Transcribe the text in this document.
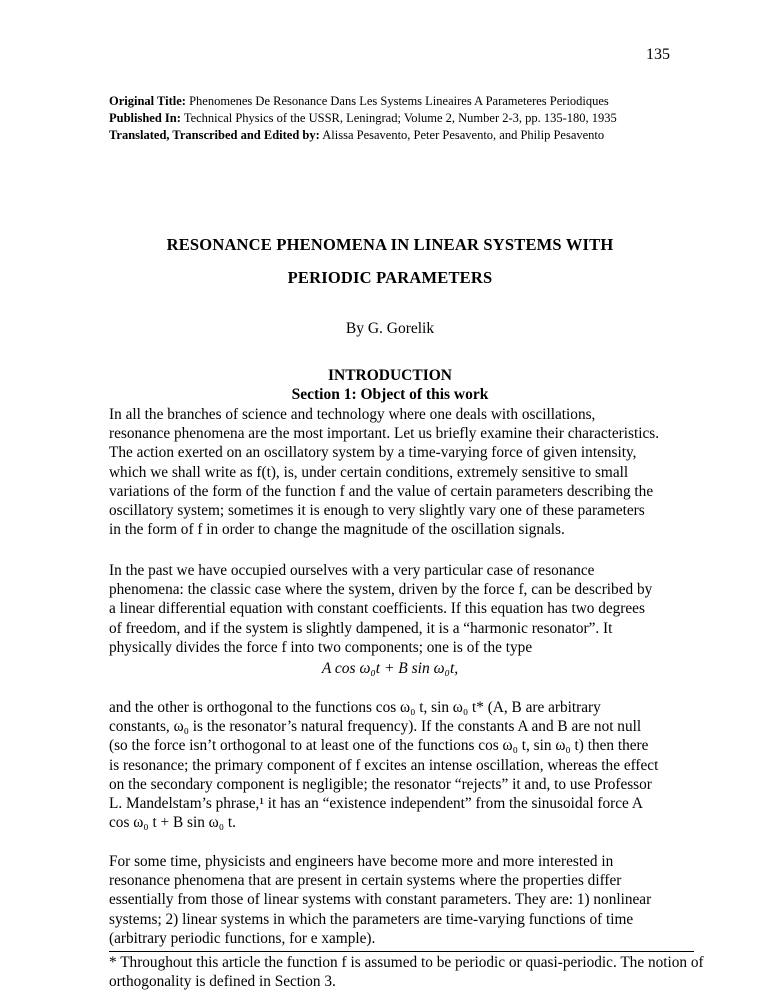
135
Original Title: Phenomenes De Resonance Dans Les Systems Lineaires A Parameteres Periodiques
Published In: Technical Physics of the USSR, Leningrad; Volume 2, Number 2-3, pp. 135-180, 1935
Translated, Transcribed and Edited by: Alissa Pesavento, Peter Pesavento, and Philip Pesavento
RESONANCE PHENOMENA IN LINEAR SYSTEMS WITH
PERIODIC PARAMETERS
By G. Gorelik
INTRODUCTION
Section 1: Object of this work
In all the branches of science and technology where one deals with oscillations,
resonance phenomena are the most important. Let us briefly examine their characteristics.
The action exerted on an oscillatory system by a time-varying force of given intensity,
which we shall write as f(t), is, under certain conditions, extremely sensitive to small
variations of the form of the function f and the value of certain parameters describing the
oscillatory system; sometimes it is enough to very slightly vary one of these parameters
in the form of f in order to change the magnitude of the oscillation signals.
In the past we have occupied ourselves with a very particular case of resonance
phenomena: the classic case where the system, driven by the force f, can be described by
a linear differential equation with constant coefficients. If this equation has two degrees
of freedom, and if the system is slightly dampened, it is a “harmonic resonator”. It
physically divides the force f into two components; one is of the type
A cos ω₀t + B sin ω₀t,
and the other is orthogonal to the functions cos ω₀ t, sin ω₀ t* (A, B are arbitrary
constants, ω₀ is the resonator’s natural frequency). If the constants A and B are not null
(so the force isn’t orthogonal to at least one of the functions cos ω₀ t, sin ω₀ t) then there
is resonance; the primary component of f excites an intense oscillation, whereas the effect
on the secondary component is negligible; the resonator “rejects” it and, to use Professor
L. Mandelstam’s phrase,¹ it has an “existence independent” from the sinusoidal force A
cos ω₀ t + B sin ω₀ t.
For some time, physicists and engineers have become more and more interested in
resonance phenomena that are present in certain systems where the properties differ
essentially from those of linear systems with constant parameters. They are: 1) nonlinear
systems; 2) linear systems in which the parameters are time-varying functions of time
(arbitrary periodic functions, for e xample).
* Throughout this article the function f is assumed to be periodic or quasi-periodic. The notion of
orthogonality is defined in Section 3.
